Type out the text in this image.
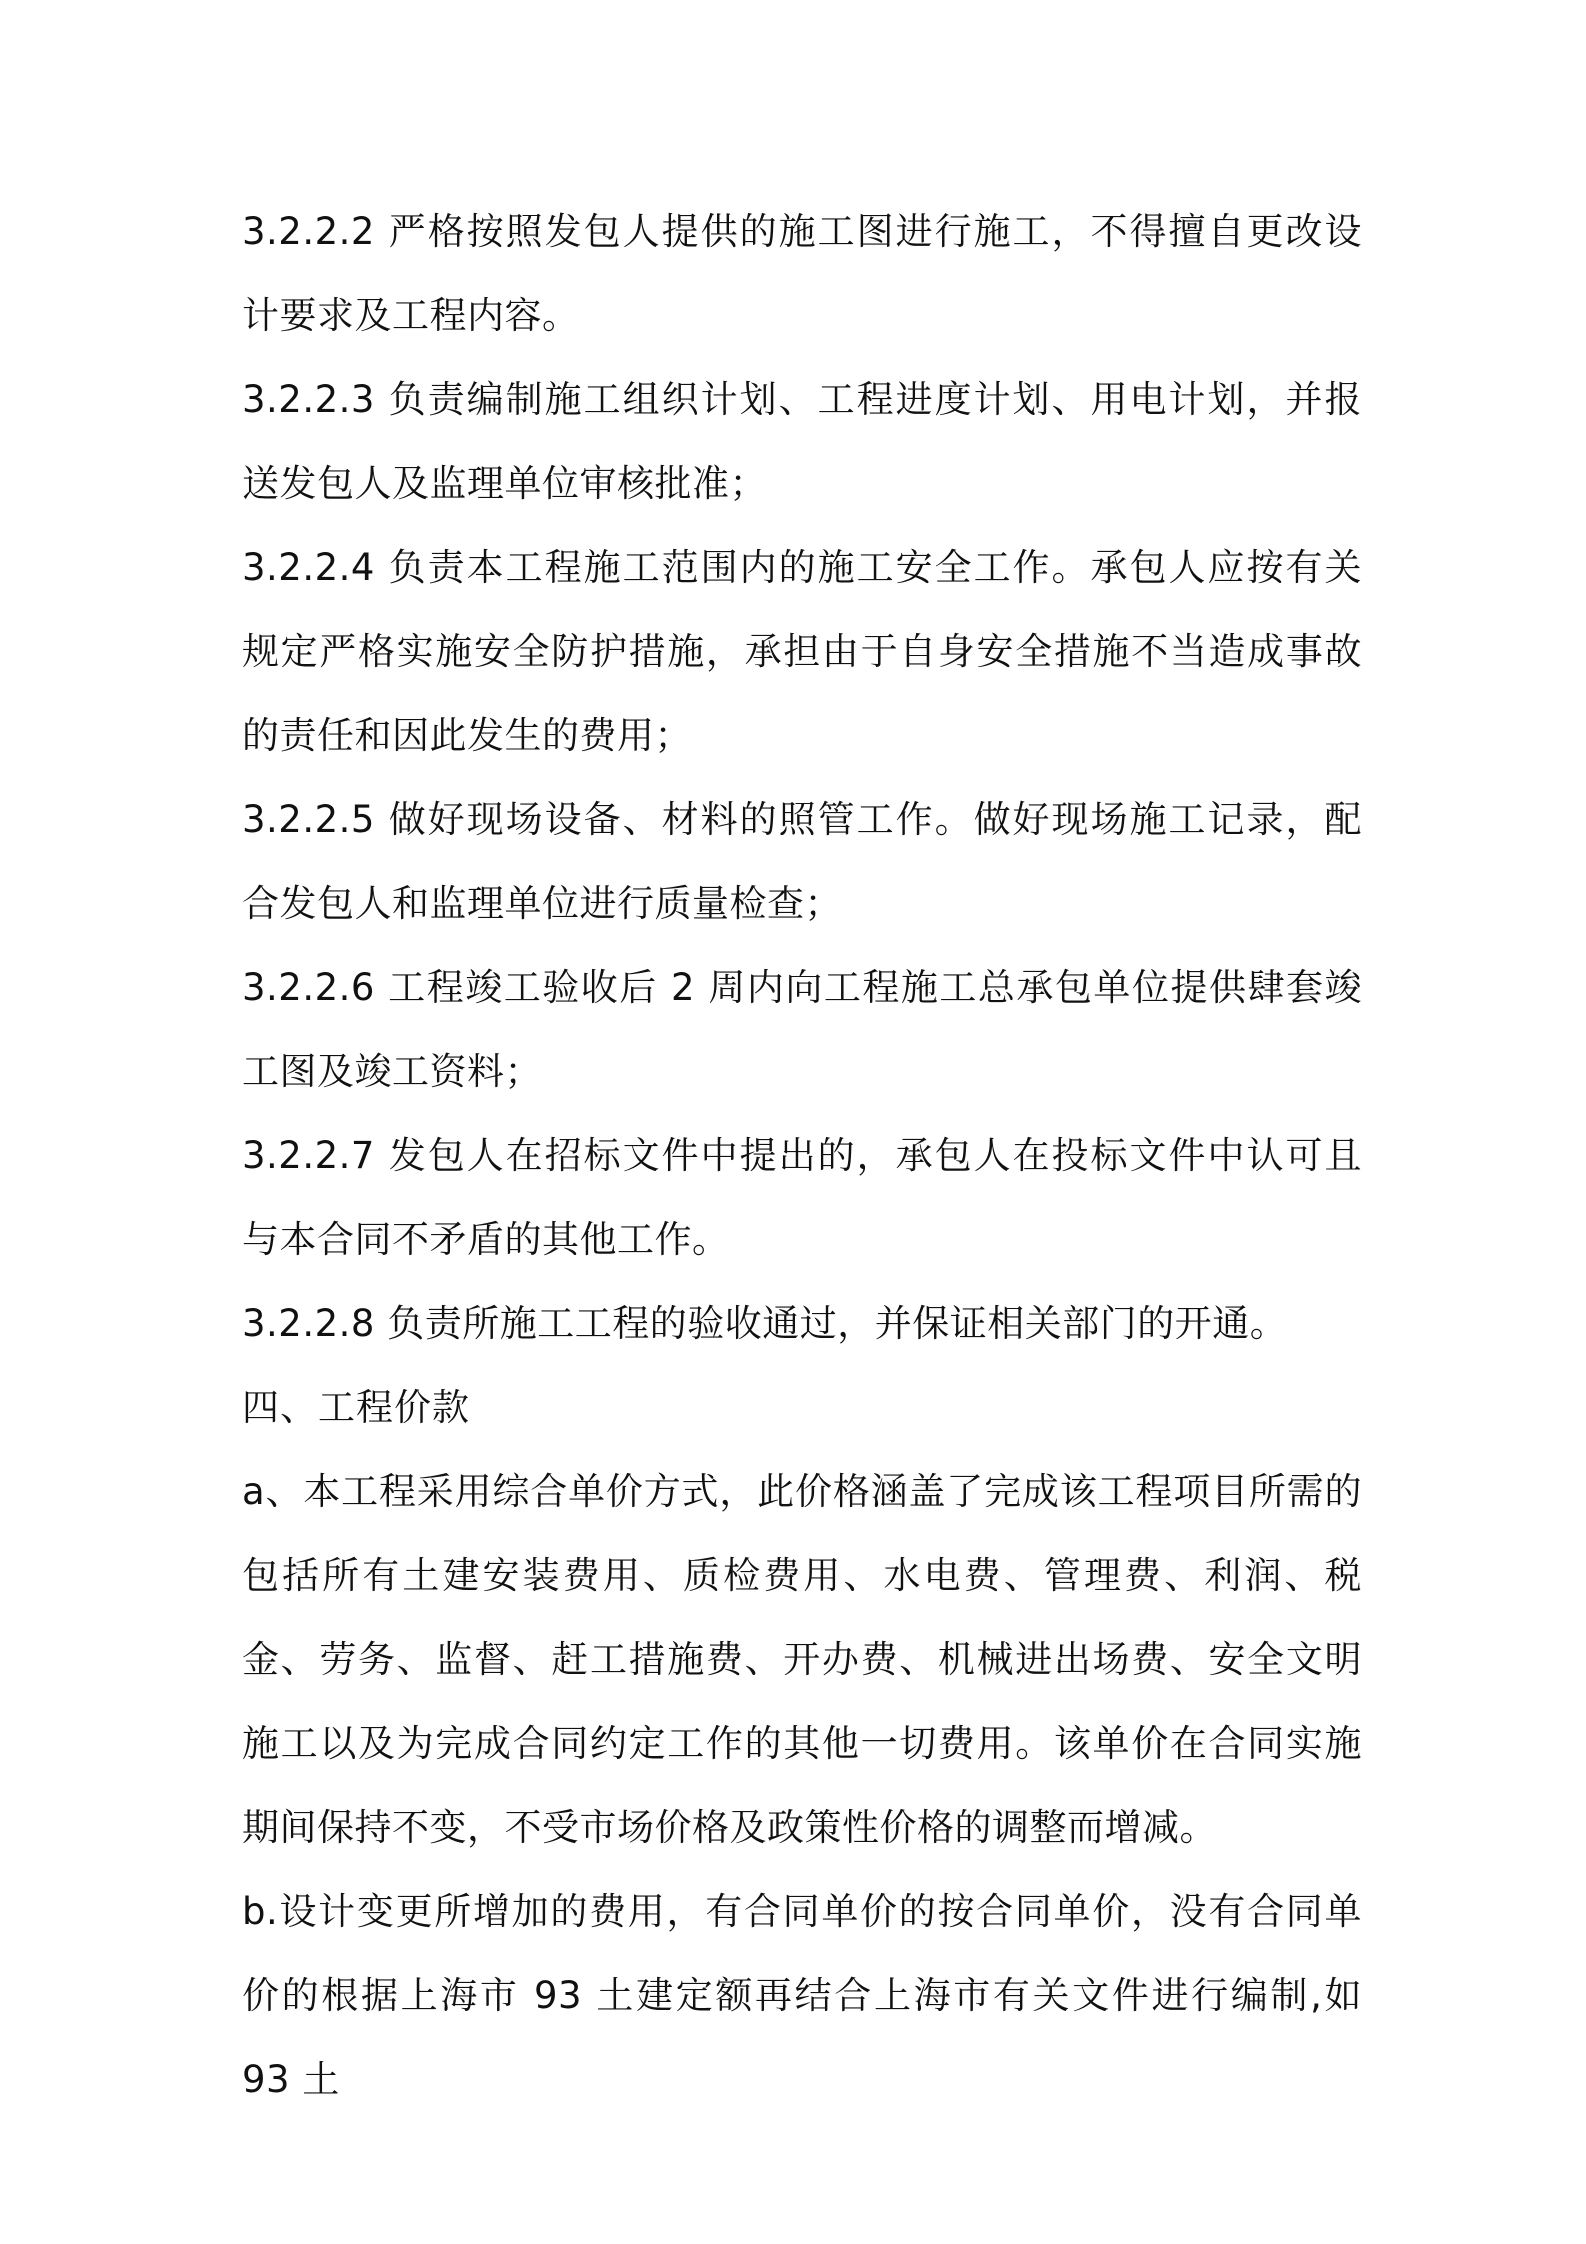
3.2.2.2 严格按照发包人提供的施工图进行施工，不得擅自更改设计要求及工程内容。

3.2.2.3 负责编制施工组织计划、工程进度计划、用电计划，并报送发包人及监理单位审核批准；

3.2.2.4 负责本工程施工范围内的施工安全工作。承包人应按有关规定严格实施安全防护措施，承担由于自身安全措施不当造成事故的责任和因此发生的费用；

3.2.2.5 做好现场设备、材料的照管工作。做好现场施工记录，配合发包人和监理单位进行质量检查；

3.2.2.6 工程竣工验收后 2 周内向工程施工总承包单位提供肆套竣工图及竣工资料；

3.2.2.7 发包人在招标文件中提出的，承包人在投标文件中认可且与本合同不矛盾的其他工作。

3.2.2.8 负责所施工工程的验收通过，并保证相关部门的开通。

四、工程价款

a、本工程采用综合单价方式，此价格涵盖了完成该工程项目所需的包括所有土建安装费用、质检费用、水电费、管理费、利润、税金、劳务、监督、赶工措施费、开办费、机械进出场费、安全文明施工以及为完成合同约定工作的其他一切费用。该单价在合同实施期间保持不变，不受市场价格及政策性价格的调整而增减。

b.设计变更所增加的费用，有合同单价的按合同单价，没有合同单价的根据上海市 93 土建定额再结合上海市有关文件进行编制,如 93 土
